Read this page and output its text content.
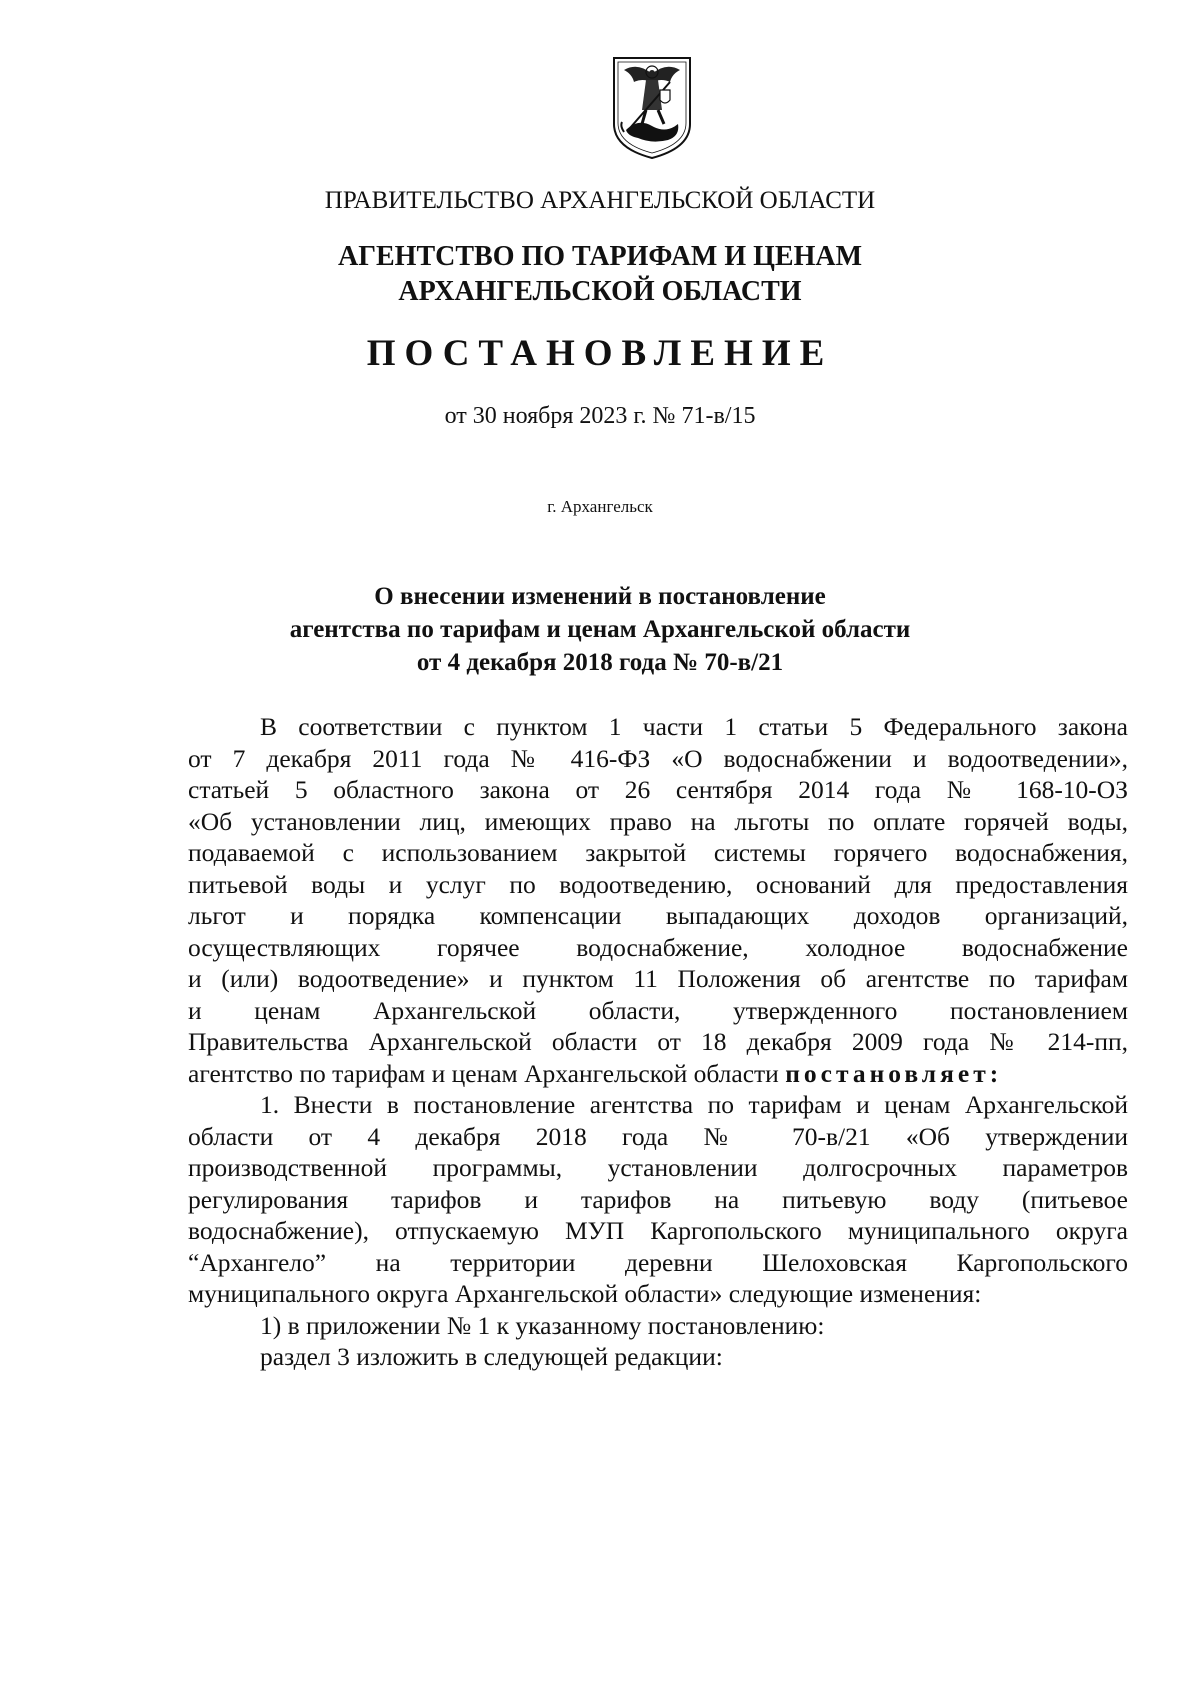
ПРАВИТЕЛЬСТВО АРХАНГЕЛЬСКОЙ ОБЛАСТИ
АГЕНТСТВО ПО ТАРИФАМ И ЦЕНАМ
АРХАНГЕЛЬСКОЙ ОБЛАСТИ
ПОСТАНОВЛЕНИЕ
от 30 ноября 2023 г. № 71-в/15
г. Архангельск
О внесении изменений в постановление
агентства по тарифам и ценам Архангельской области
от 4 декабря 2018 года № 70-в/21
В соответствии с пунктом 1 части 1 статьи 5 Федерального закона
от 7 декабря 2011 года № 416-ФЗ «О водоснабжении и водоотведении»,
статьей 5 областного закона от 26 сентября 2014 года № 168-10-ОЗ
«Об установлении лиц, имеющих право на льготы по оплате горячей воды,
подаваемой с использованием закрытой системы горячего водоснабжения,
питьевой воды и услуг по водоотведению, оснований для предоставления
льгот и порядка компенсации выпадающих доходов организаций,
осуществляющих горячее водоснабжение, холодное водоснабжение
и (или) водоотведение» и пунктом 11 Положения об агентстве по тарифам
и ценам Архангельской области, утвержденного постановлением
Правительства Архангельской области от 18 декабря 2009 года № 214-пп,
агентство по тарифам и ценам Архангельской области постановляет:
1. Внести в постановление агентства по тарифам и ценам Архангельской
области от 4 декабря 2018 года № 70-в/21 «Об утверждении
производственной программы, установлении долгосрочных параметров
регулирования тарифов и тарифов на питьевую воду (питьевое
водоснабжение), отпускаемую МУП Каргопольского муниципального округа
“Архангело” на территории деревни Шелоховская Каргопольского
муниципального округа Архангельской области» следующие изменения:
1) в приложении № 1 к указанному постановлению:
раздел 3 изложить в следующей редакции:
